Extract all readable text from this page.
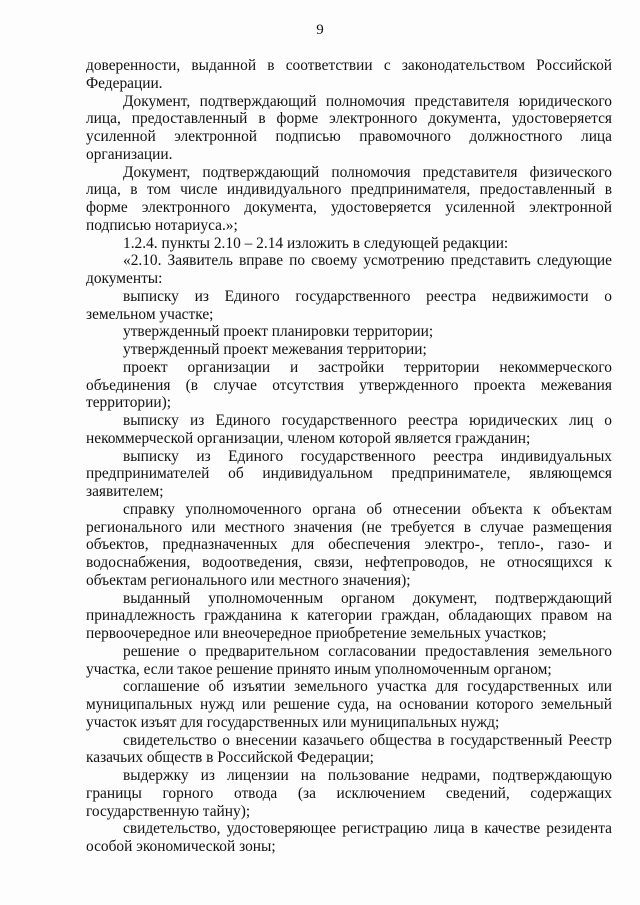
9

доверенности, выданной в соответствии с законодательством Российской Федерации.

Документ, подтверждающий полномочия представителя юридического лица, предоставленный в форме электронного документа, удостоверяется усиленной электронной подписью правомочного должностного лица организации.

Документ, подтверждающий полномочия представителя физического лица, в том числе индивидуального предпринимателя, предоставленный в форме электронного документа, удостоверяется усиленной электронной подписью нотариуса.»;

1.2.4. пункты 2.10 – 2.14 изложить в следующей редакции:

«2.10. Заявитель вправе по своему усмотрению представить следующие документы:

выписку из Единого государственного реестра недвижимости о земельном участке;

утвержденный проект планировки территории;

утвержденный проект межевания территории;

проект организации и застройки территории некоммерческого объединения (в случае отсутствия утвержденного проекта межевания территории);

выписку из Единого государственного реестра юридических лиц о некоммерческой организации, членом которой является гражданин;

выписку из Единого государственного реестра индивидуальных предпринимателей об индивидуальном предпринимателе, являющемся заявителем;

справку уполномоченного органа об отнесении объекта к объектам регионального или местного значения (не требуется в случае размещения объектов, предназначенных для обеспечения электро-, тепло-, газо- и водоснабжения, водоотведения, связи, нефтепроводов, не относящихся к объектам регионального или местного значения);

выданный уполномоченным органом документ, подтверждающий принадлежность гражданина к категории граждан, обладающих правом на первоочередное или внеочередное приобретение земельных участков;

решение о предварительном согласовании предоставления земельного участка, если такое решение принято иным уполномоченным органом;

соглашение об изъятии земельного участка для государственных или муниципальных нужд или решение суда, на основании которого земельный участок изъят для государственных или муниципальных нужд;

свидетельство о внесении казачьего общества в государственный Реестр казачьих обществ в Российской Федерации;

выдержку из лицензии на пользование недрами, подтверждающую границы горного отвода (за исключением сведений, содержащих государственную тайну);

свидетельство, удостоверяющее регистрацию лица в качестве резидента особой экономической зоны;
